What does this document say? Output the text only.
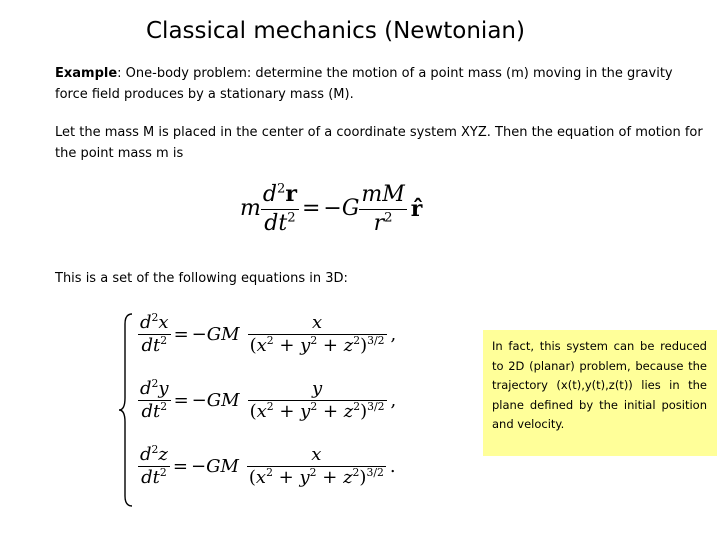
Classical mechanics (Newtonian)
Example: One-body problem: determine the motion of a point mass (m) moving in the gravity force field produces by a stationary mass (M).
Let the mass M is placed in the center of a coordinate system XYZ. Then the equation of motion for the point mass m is
m $\frac{d^2r}{dt^2} = -G \frac{mM}{r^2}$ r̂
This is a set of the following equations in 3D:
$\frac{d^2x}{dt^2} = -GM \frac{x}{(x^2 + y^2 + z^2)^{3/2}}$ ,
$\frac{d^2y}{dt^2} = -GM \frac{y}{(x^2 + y^2 + z^2)^{3/2}}$ ,
$\frac{d^2z}{dt^2} = -GM \frac{x}{(x^2 + y^2 + z^2)^{3/2}}$ .
In fact, this system can be reduced to 2D (planar) problem, because the trajectory (x(t),y(t),z(t)) lies in the plane defined by the initial position and velocity.
